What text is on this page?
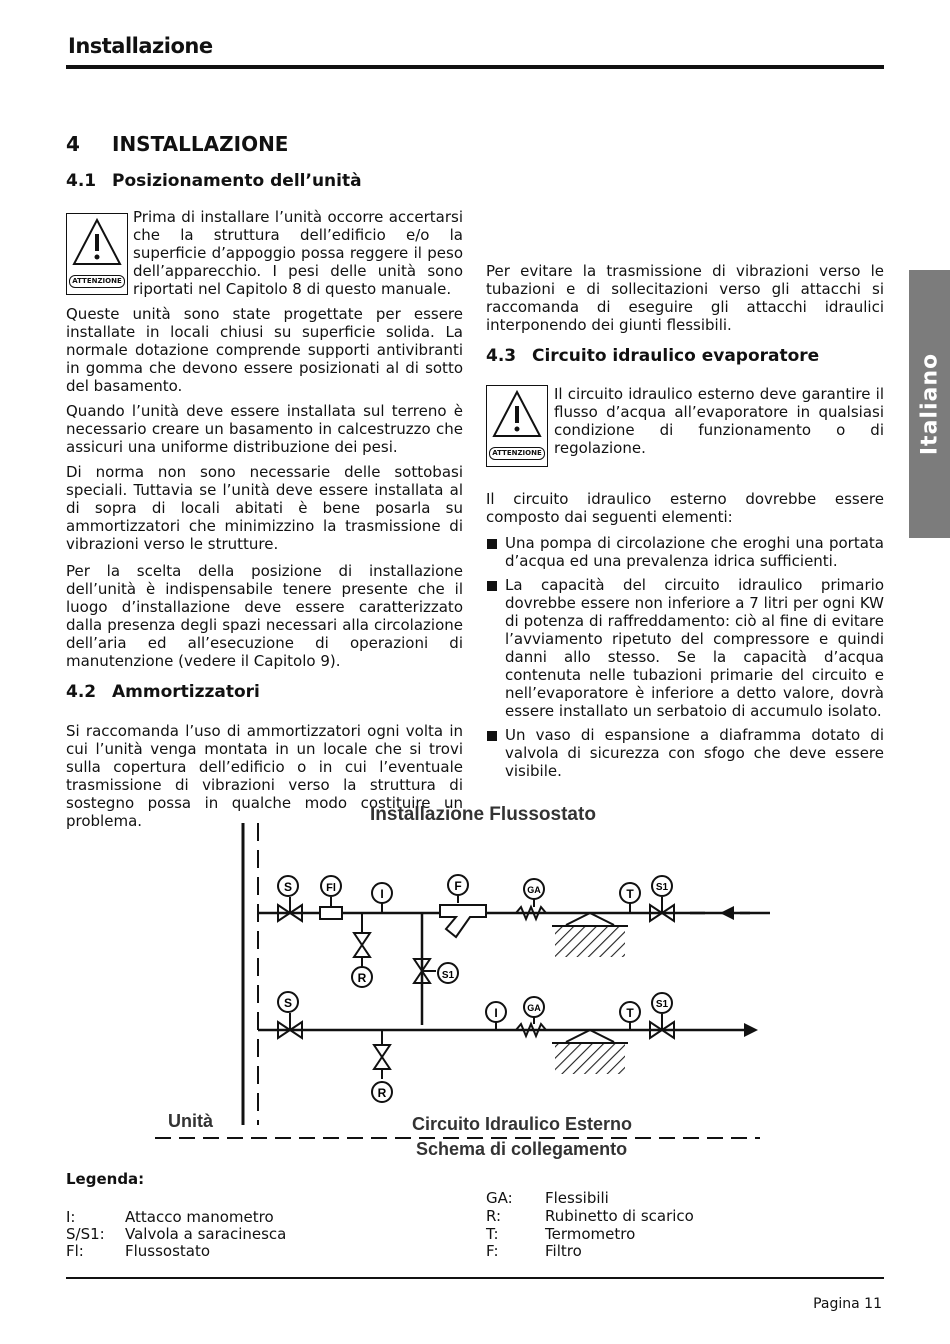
Installazione
Italiano
4 INSTALLAZIONE
4.1 Posizionamento dell’unità
ATTENZIONE

Prima di installare l’unità occorre accertarsi che la struttura dell’edificio e/o la superficie d’appoggio possa reggere il peso dell’apparecchio. I pesi delle unità sono riportati nel Capitolo 8 di questo manuale.

Queste unità sono state progettate per essere installate in locali chiusi su superficie solida. La normale dotazione comprende supporti antivibranti in gomma che devono essere posizionati al di sotto del basamento.

Quando l’unità deve essere installata sul terreno è necessario creare un basamento in calcestruzzo che assicuri una uniforme distribuzione dei pesi.

Di norma non sono necessarie delle sottobasi speciali. Tuttavia se l’unità deve essere installata al di sopra di locali abitati è bene posarla su ammortizzatori che minimizzino la trasmissione di vibrazioni verso le strutture.

Per la scelta della posizione di installazione dell’unità è indispensabile tenere presente che il luogo d’installazione deve essere caratterizzato dalla presenza degli spazi necessari alla circolazione dell’aria ed all’esecuzione di operazioni di manutenzione (vedere il Capitolo 9).

4.2 Ammortizzatori

Si raccomanda l’uso di ammortizzatori ogni volta in cui l’unità venga montata in un locale che si trovi sulla copertura dell’edificio o in cui l’eventuale trasmissione di vibrazioni verso la struttura di sostegno possa in qualche modo costituire un problema.

Per evitare la trasmissione di vibrazioni verso le tubazioni e di sollecitazioni verso gli attacchi si raccomanda di eseguire gli attacchi idraulici interponendo dei giunti flessibili.

4.3 Circuito idraulico evaporatore
ATTENZIONE

Il circuito idraulico esterno deve garantire il flusso d’acqua all’evaporatore in qualsiasi condizione di funzionamento o di regolazione.

Il circuito idraulico esterno dovrebbe essere composto dai seguenti elementi:

Una pompa di circolazione che eroghi una portata d’acqua ed una prevalenza idrica sufficienti.
La capacità del circuito idraulico primario dovrebbe essere non inferiore a 7 litri per ogni KW di potenza di raffreddamento: ciò al fine di evitare l’avviamento ripetuto del compressore e quindi danni allo stesso. Se la capacità d’acqua contenuta nelle tubazioni primarie del circuito e nell’evaporatore è inferiore a detto valore, dovrà essere installato un serbatoio di accumulo isolato.
Un vaso di espansione a diaframma dotato di valvola di sicurezza con sfogo che deve essere visibile.
Installazione Flussostato
S	Fl	I
R	S1
F	GA	T S1
S
R
I	GA	T
S1
Unità	Circuito Idraulico Esterno
Schema di collegamento
Legenda:
I:	Attacco manometro
S/S1: Valvola a saracinesca
Fl:	Flussostato
GA: Flessibili
R:	Rubinetto di scarico
T:	Termometro
F:	Filtro
Pagina 11
